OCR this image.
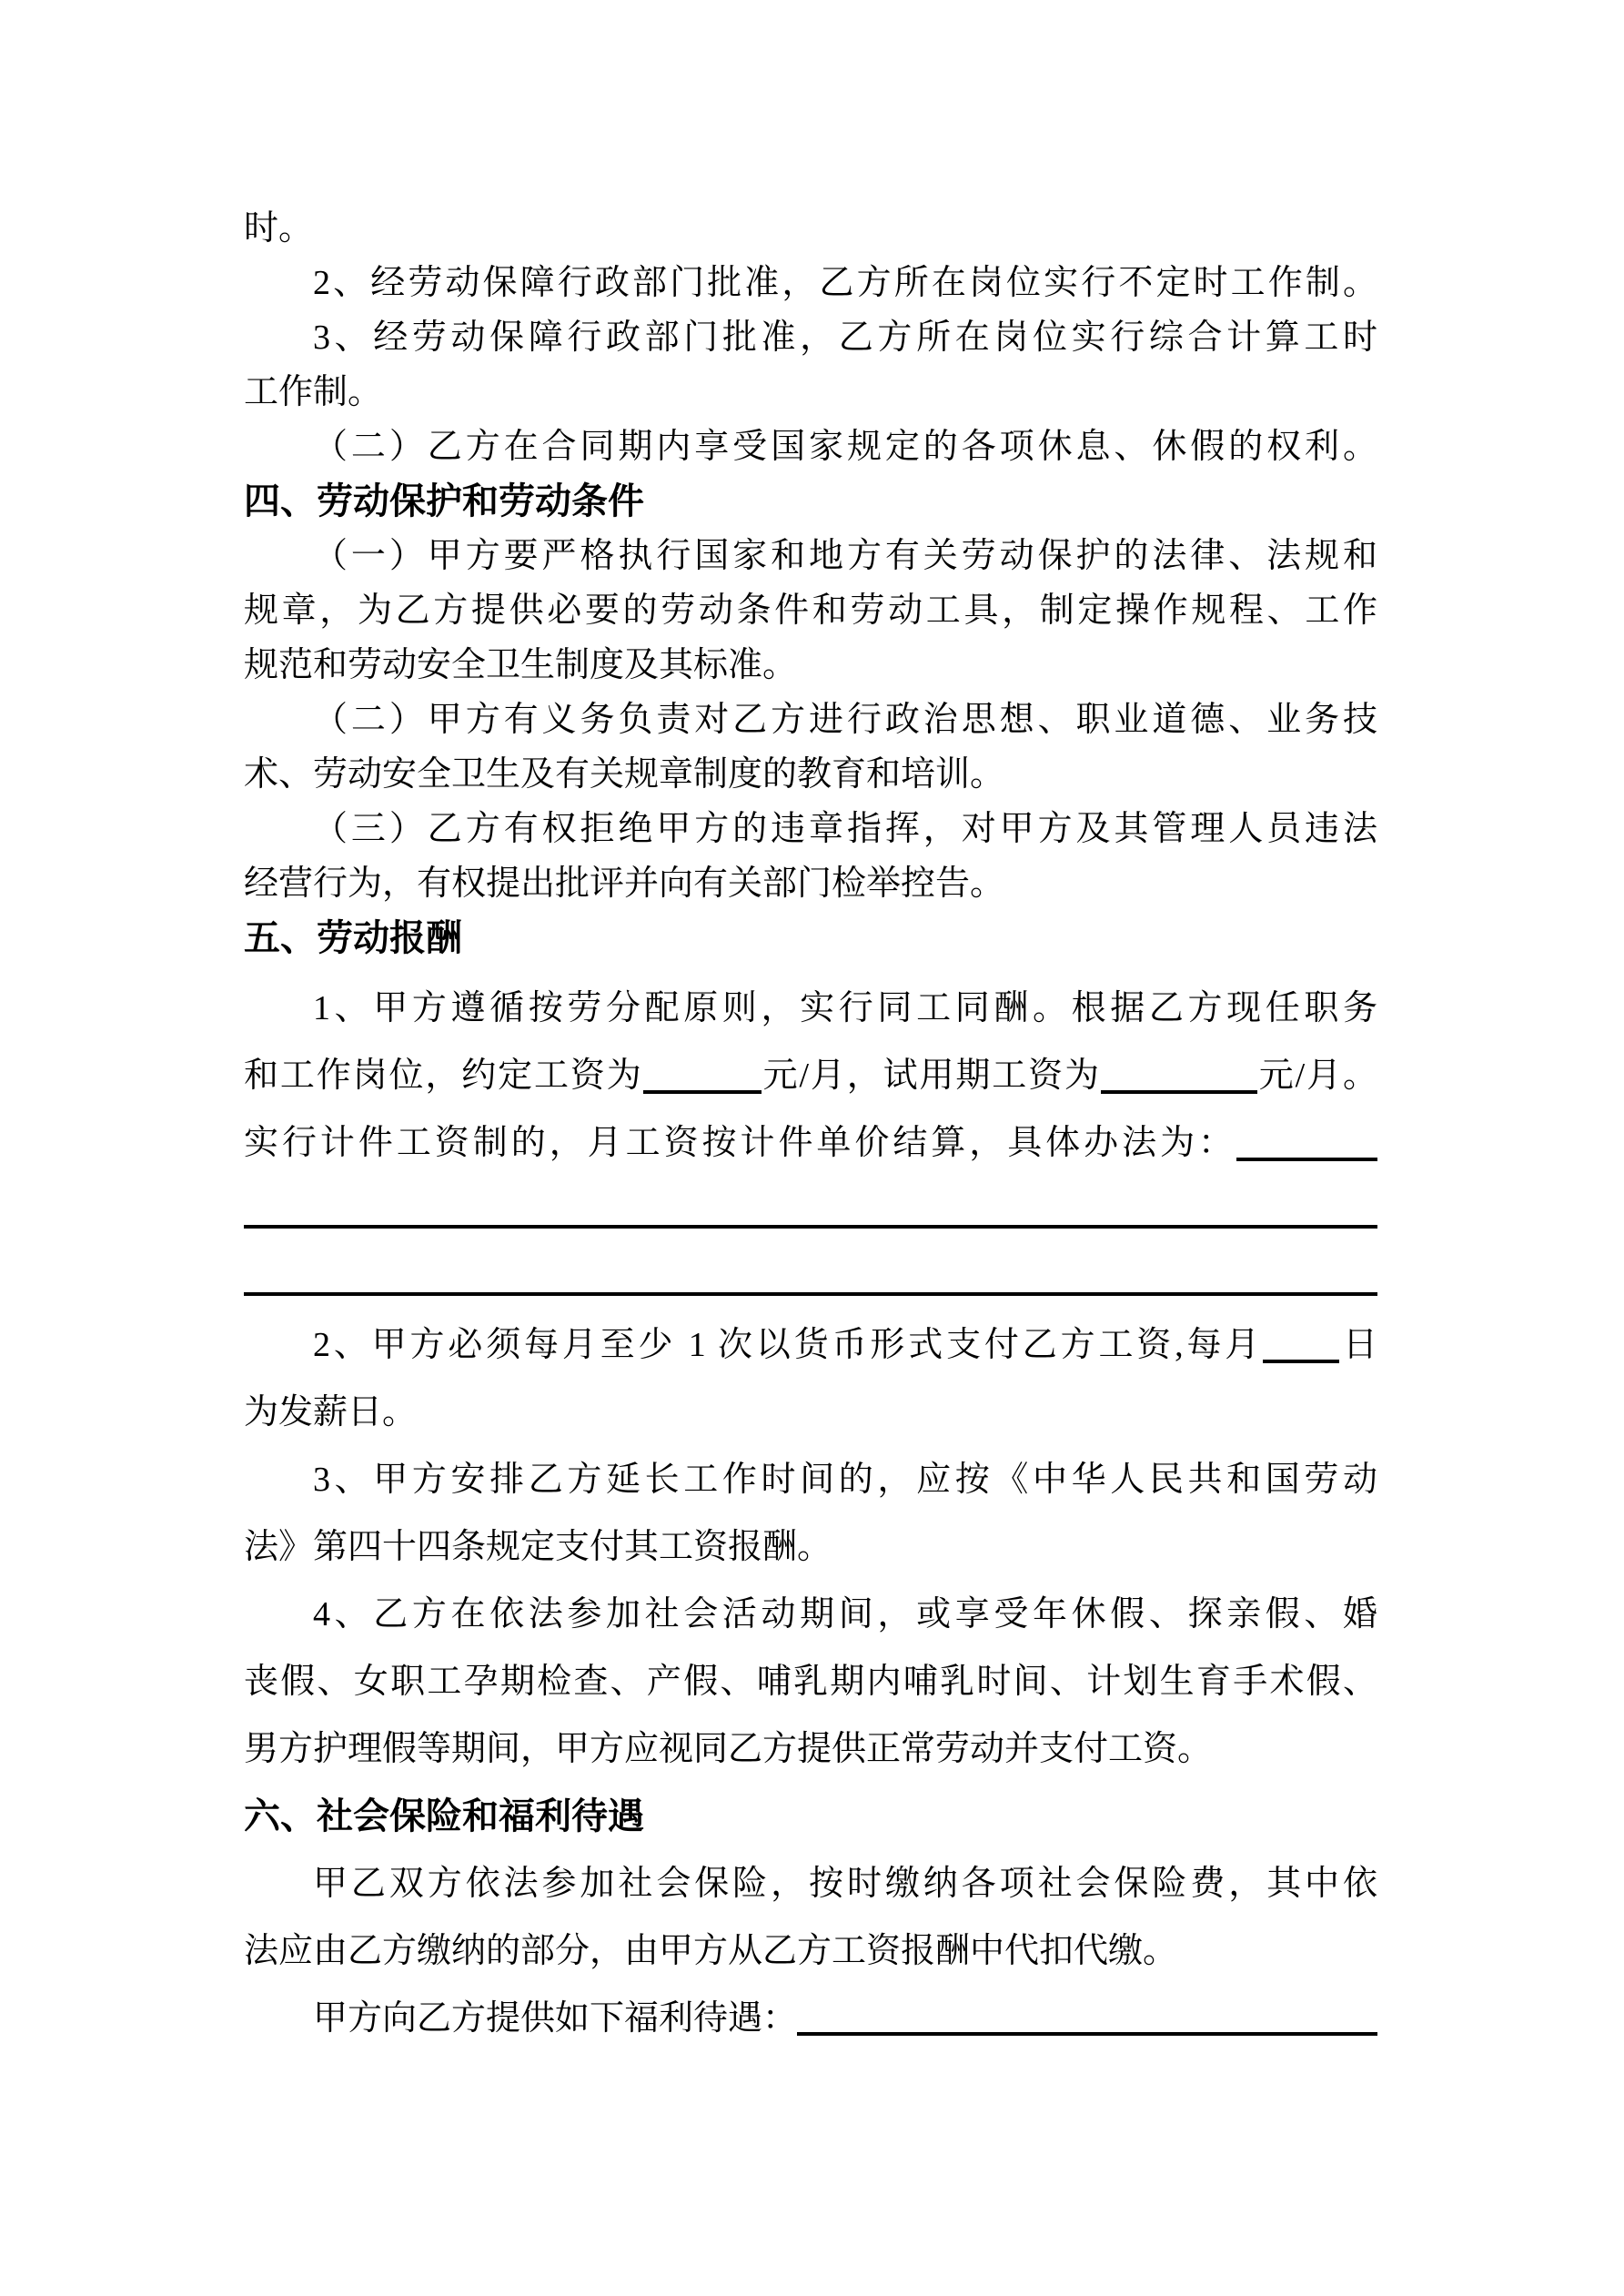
时。
2、经劳动保障行政部门批准，乙方所在岗位实行不定时工作制。
3、经劳动保障行政部门批准，乙方所在岗位实行综合计算工时
工作制。
（二）乙方在合同期内享受国家规定的各项休息、休假的权利。
四、劳动保护和劳动条件
（一）甲方要严格执行国家和地方有关劳动保护的法律、法规和
规章，为乙方提供必要的劳动条件和劳动工具，制定操作规程、工作
规范和劳动安全卫生制度及其标准。
（二）甲方有义务负责对乙方进行政治思想、职业道德、业务技
术、劳动安全卫生及有关规章制度的教育和培训。
（三）乙方有权拒绝甲方的违章指挥，对甲方及其管理人员违法
经营行为，有权提出批评并向有关部门检举控告。
五、劳动报酬
1、甲方遵循按劳分配原则，实行同工同酬。根据乙方现任职务
和工作岗位，约定工资为	元/月，试用期工资为	元/月。
实行计件工资制的，月工资按计件单价结算，具体办法为：
2、甲方必须每月至少 1 次以货币形式支付乙方工资,每月 日
为发薪日。
3、甲方安排乙方延长工作时间的，应按《中华人民共和国劳动
法》第四十四条规定支付其工资报酬。
4、乙方在依法参加社会活动期间，或享受年休假、探亲假、婚
丧假、女职工孕期检查、产假、哺乳期内哺乳时间、计划生育手术假、
男方护理假等期间，甲方应视同乙方提供正常劳动并支付工资。
六、社会保险和福利待遇
甲乙双方依法参加社会保险，按时缴纳各项社会保险费，其中依
法应由乙方缴纳的部分，由甲方从乙方工资报酬中代扣代缴。
甲方向乙方提供如下福利待遇：
